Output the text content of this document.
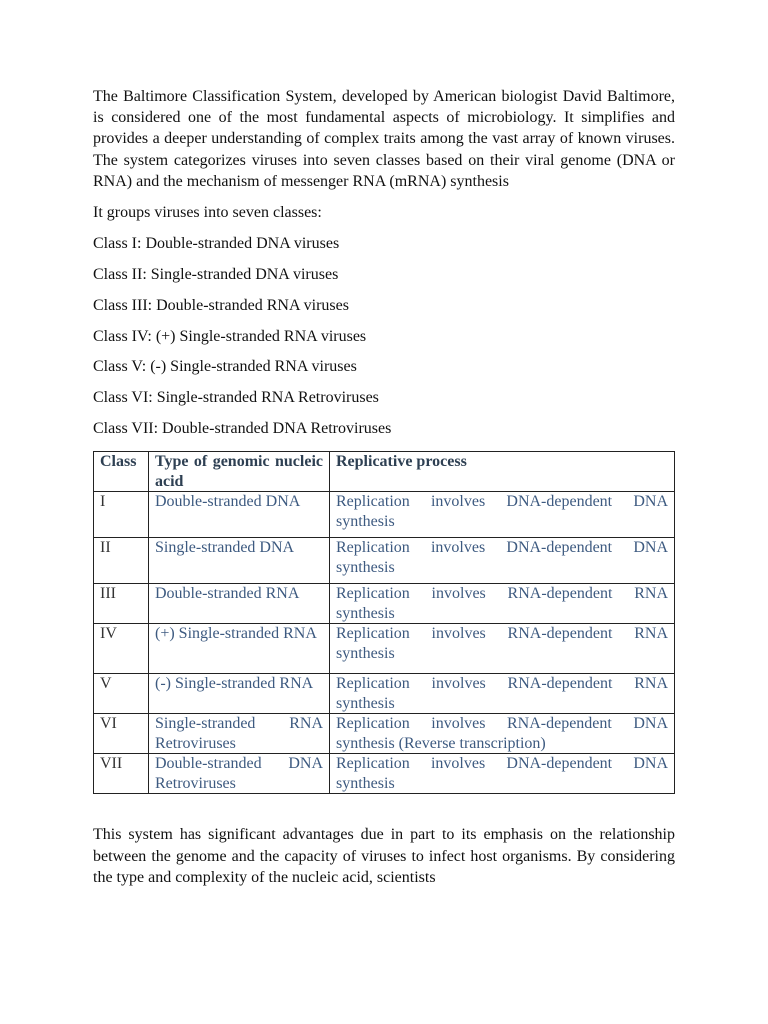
The Baltimore Classification System, developed by American biologist David Baltimore, is considered one of the most fundamental aspects of microbiology. It simplifies and provides a deeper understanding of complex traits among the vast array of known viruses. The system categorizes viruses into seven classes based on their viral genome (DNA or RNA) and the mechanism of messenger RNA (mRNA) synthesis

It groups viruses into seven classes:

Class I: Double-stranded DNA viruses

Class II: Single-stranded DNA viruses

Class III: Double-stranded RNA viruses

Class IV: (+) Single-stranded RNA viruses

Class V: (-) Single-stranded RNA viruses

Class VI: Single-stranded RNA Retroviruses

Class VII: Double-stranded DNA Retroviruses

Class	Type of genomic nucleic acid	Replicative process
I	Double-stranded DNA	Replication involves DNA-dependent DNA synthesis
II	Single-stranded DNA	Replication involves DNA-dependent DNA synthesis
III	Double-stranded RNA	Replication involves RNA-dependent RNA synthesis
IV	(+) Single-stranded RNA	Replication involves RNA-dependent RNA synthesis
V	(-) Single-stranded RNA	Replication involves RNA-dependent RNA synthesis
VI	Single-stranded RNA Retroviruses	Replication involves RNA-dependent DNA synthesis (Reverse transcription)
VII	Double-stranded DNA Retroviruses	Replication involves DNA-dependent DNA synthesis

This system has significant advantages due in part to its emphasis on the relationship between the genome and the capacity of viruses to infect host organisms. By considering the type and complexity of the nucleic acid, scientists
